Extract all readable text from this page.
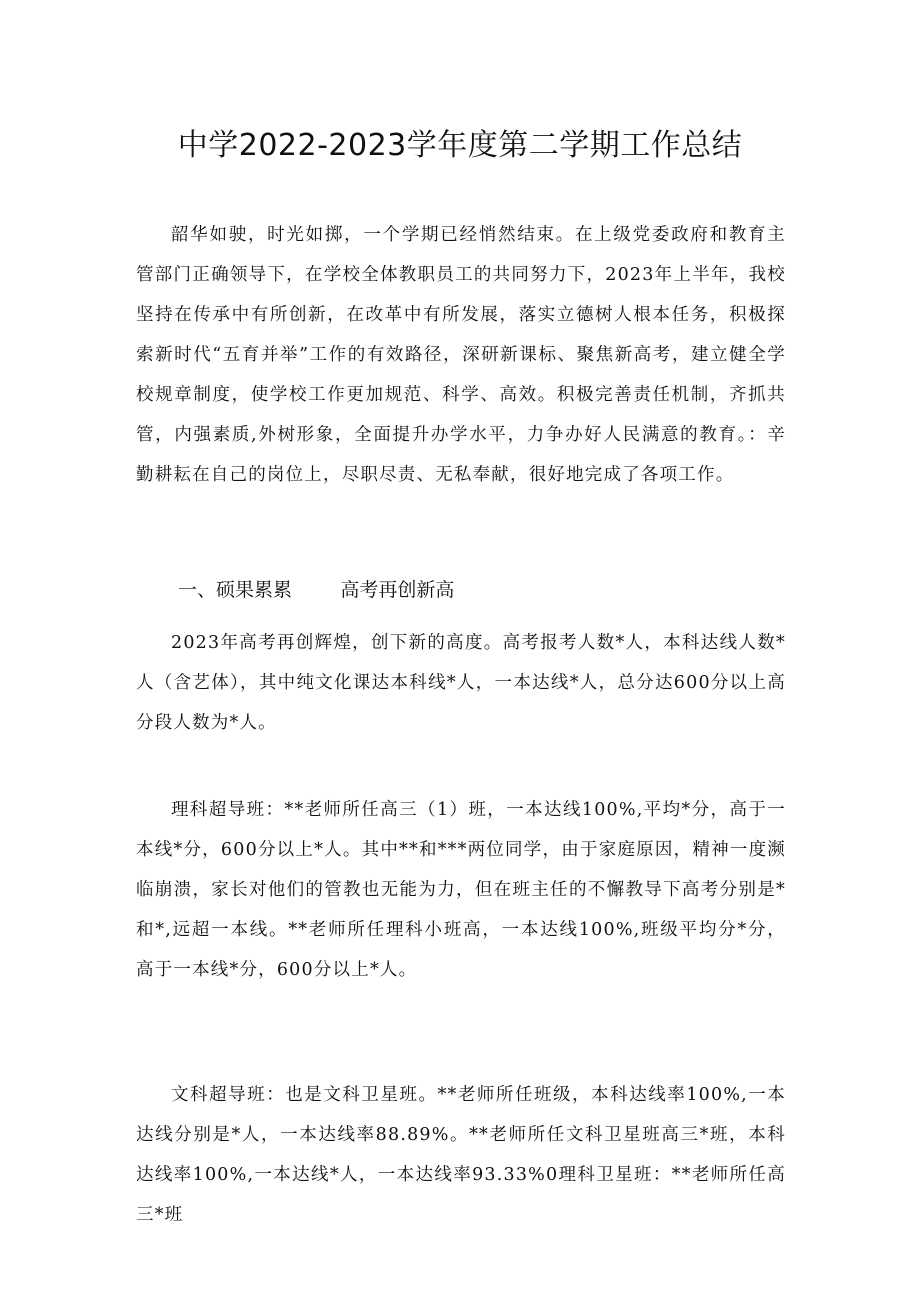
中学2022-2023学年度第二学期工作总结
韶华如驶，时光如掷，一个学期已经悄然结束。在上级党委政府和教育主管部门正确领导下，在学校全体教职员工的共同努力下，2023年上半年，我校坚持在传承中有所创新，在改革中有所发展，落实立德树人根本任务，积极探索新时代“五育并举”工作的有效路径，深研新课标、聚焦新高考，建立健全学校规章制度，使学校工作更加规范、科学、高效。积极完善责任机制，齐抓共管，内强素质,外树形象，全面提升办学水平，力争办好人民满意的教育。：辛勤耕耘在自己的岗位上，尽职尽责、无私奉献，很好地完成了各项工作。
一、硕果累累        高考再创新高
2023年高考再创辉煌，创下新的高度。高考报考人数*人，本科达线人数*人（含艺体），其中纯文化课达本科线*人，一本达线*人，总分达600分以上高分段人数为*人。
理科超导班：**老师所任高三（1）班，一本达线100%,平均*分，高于一本线*分，600分以上*人。其中**和***两位同学，由于家庭原因，精神一度濒临崩溃，家长对他们的管教也无能为力，但在班主任的不懈教导下高考分别是*和*,远超一本线。**老师所任理科小班高，一本达线100%,班级平均分*分，高于一本线*分，600分以上*人。
文科超导班：也是文科卫星班。**老师所任班级，本科达线率100%,一本达线分别是*人，一本达线率88.89%。**老师所任文科卫星班高三*班，本科达线率100%,一本达线*人，一本达线率93.33%0理科卫星班：**老师所任高三*班
